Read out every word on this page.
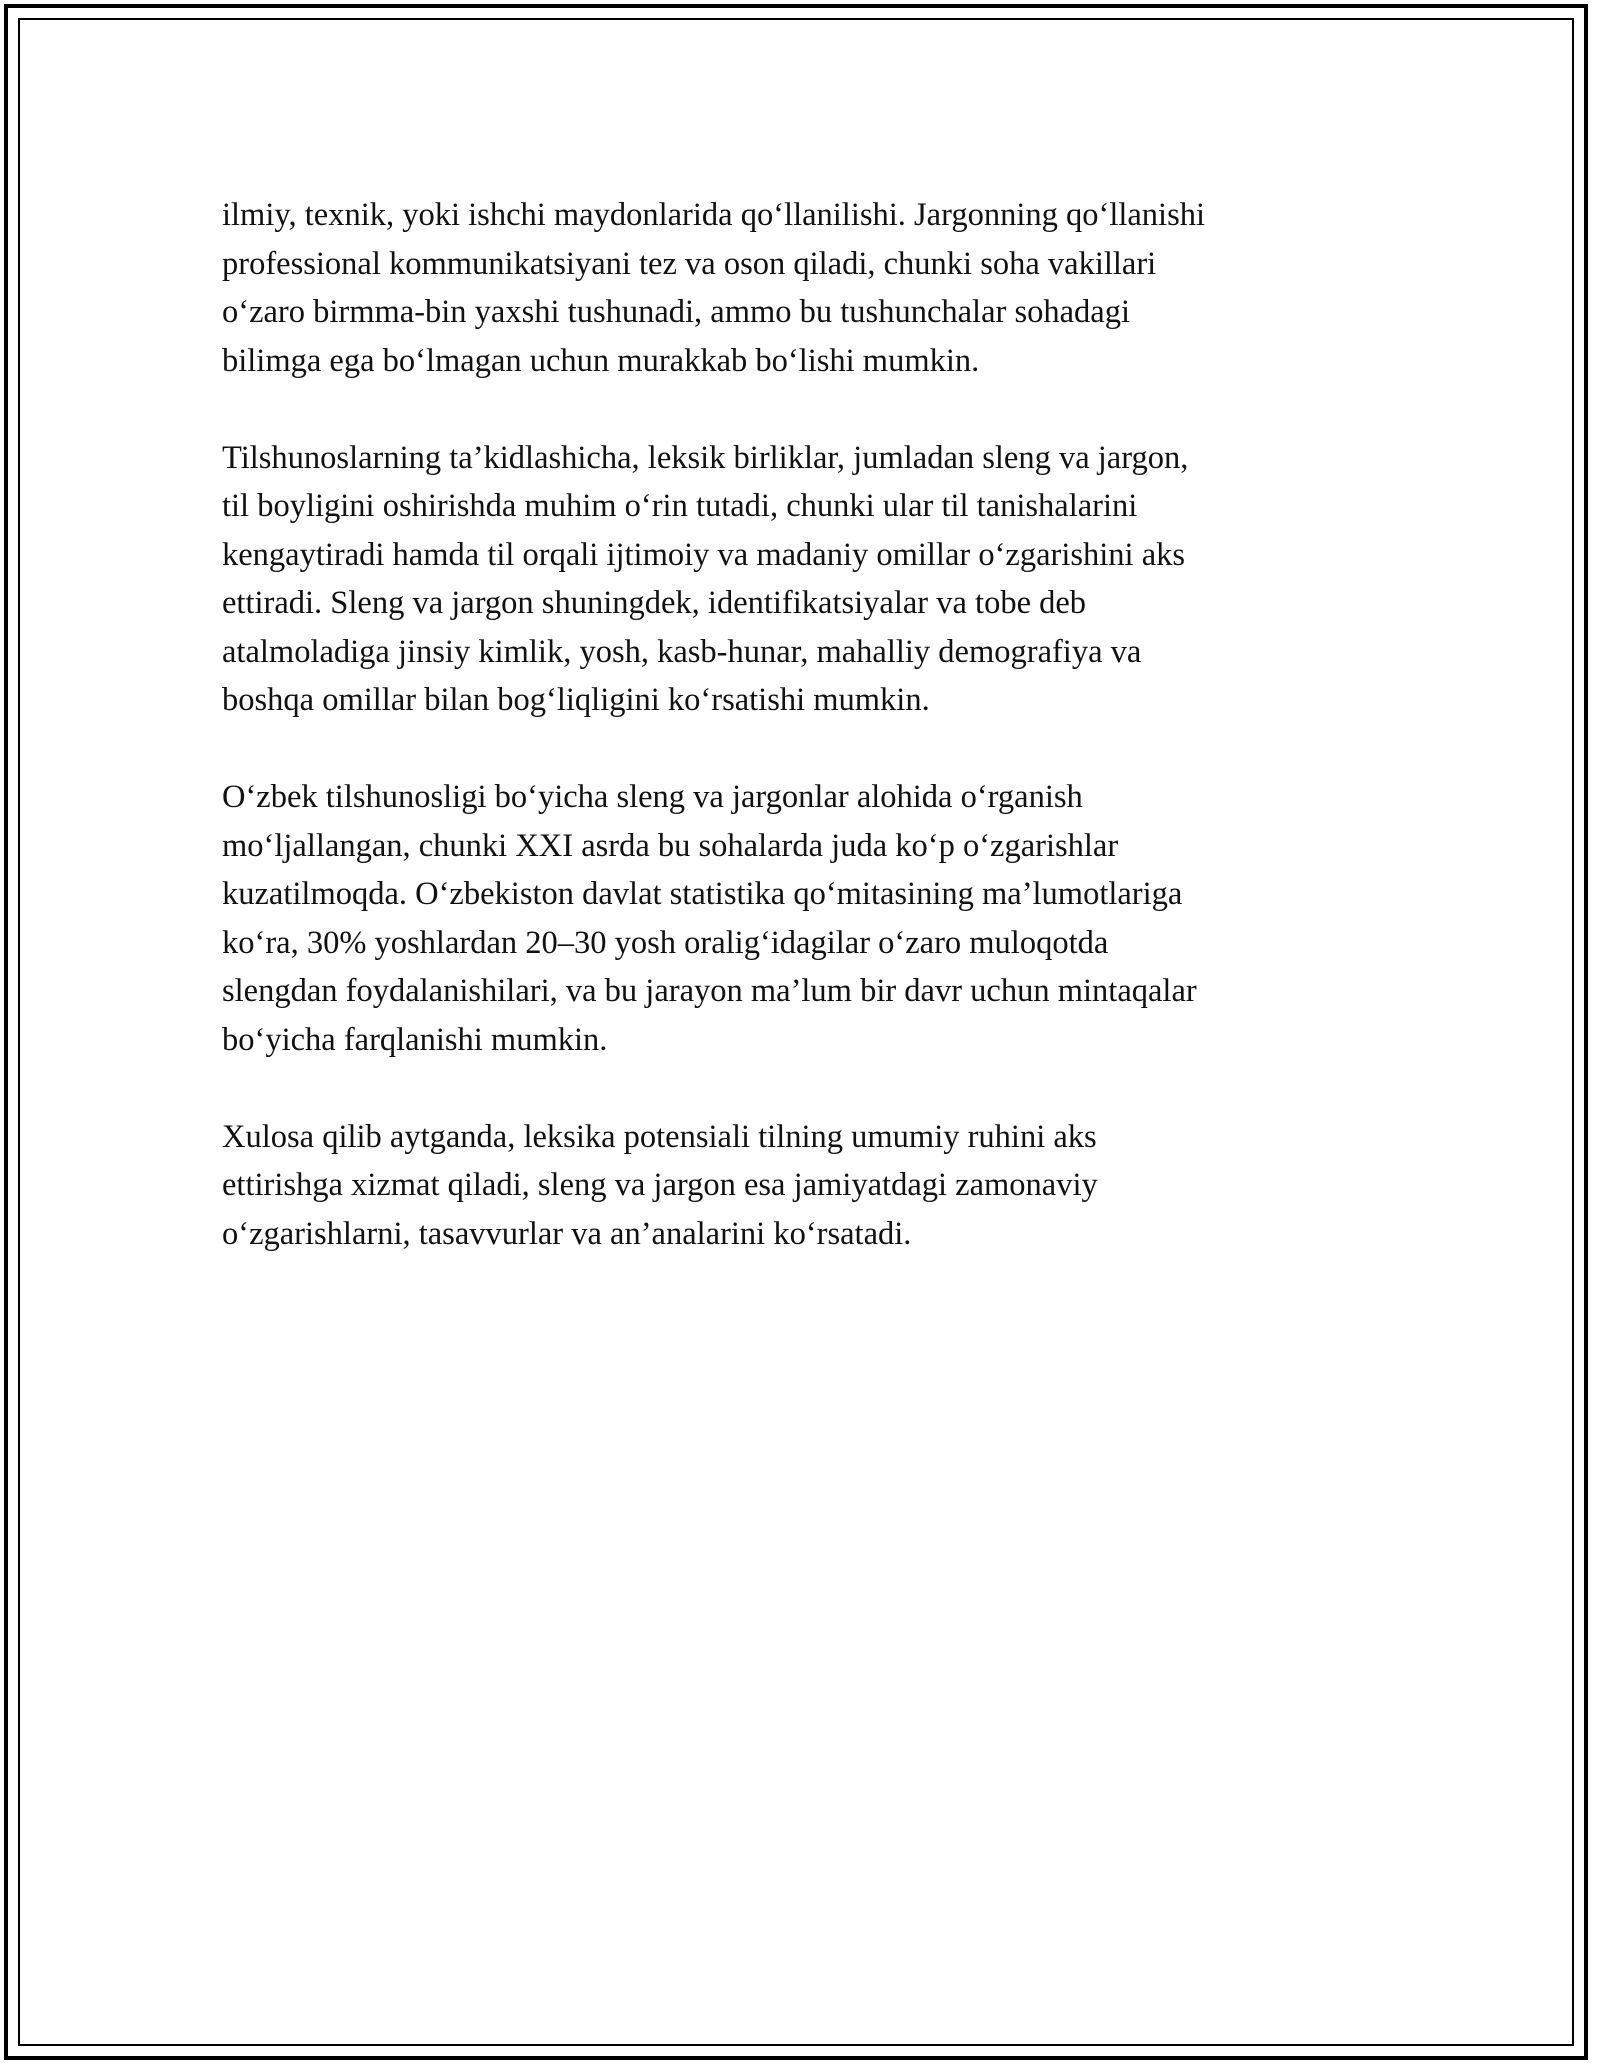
ilmiy, texnik, yoki ishchi maydonlarida qo‘llanilishi. Jargonning qo‘llanishi
professional kommunikatsiyani tez va oson qiladi, chunki soha vakillari
o‘zaro birmma-bin yaxshi tushunadi, ammo bu tushunchalar sohadagi
bilimga ega bo‘lmagan uchun murakkab bo‘lishi mumkin.

Tilshunoslarning ta’kidlashicha, leksik birliklar, jumladan sleng va jargon,
til boyligini oshirishda muhim o‘rin tutadi, chunki ular til tanishalarini
kengaytiradi hamda til orqali ijtimoiy va madaniy omillar o‘zgarishini aks
ettiradi. Sleng va jargon shuningdek, identifikatsiyalar va tobe deb
atalmoladiga jinsiy kimlik, yosh, kasb-hunar, mahalliy demografiya va
boshqa omillar bilan bog‘liqligini ko‘rsatishi mumkin.

O‘zbek tilshunosligi bo‘yicha sleng va jargonlar alohida o‘rganish
mo‘ljallangan, chunki XXI asrda bu sohalarda juda ko‘p o‘zgarishlar
kuzatilmoqda. O‘zbekiston davlat statistika qo‘mitasining ma’lumotlariga
ko‘ra, 30% yoshlardan 20–30 yosh oralig‘idagilar o‘zaro muloqotda
slengdan foydalanishilari, va bu jarayon ma’lum bir davr uchun mintaqalar
bo‘yicha farqlanishi mumkin.

Xulosa qilib aytganda, leksika potensiali tilning umumiy ruhini aks
ettirishga xizmat qiladi, sleng va jargon esa jamiyatdagi zamonaviy
o‘zgarishlarni, tasavvurlar va an’analarini ko‘rsatadi.
